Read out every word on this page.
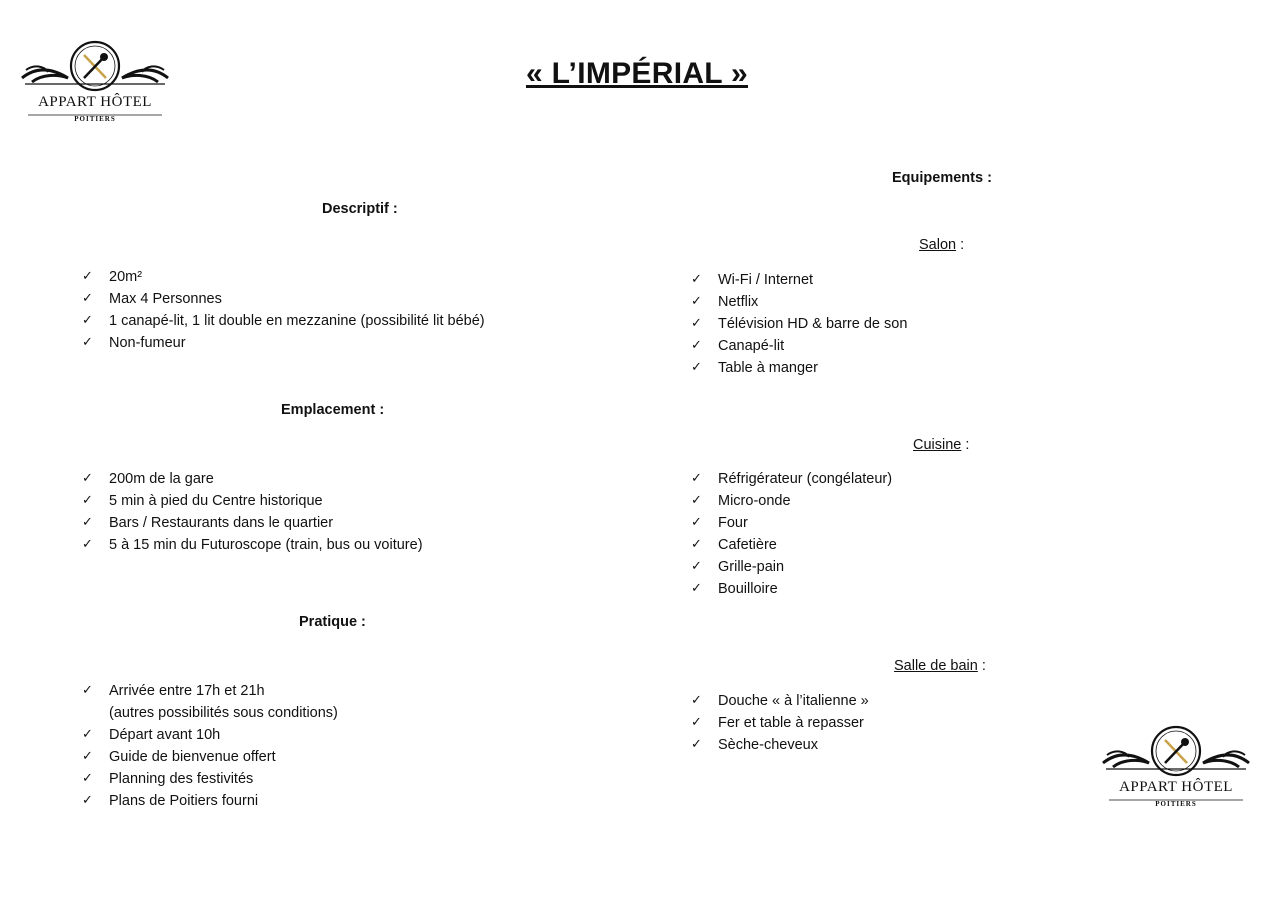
APPART HÔTEL
POITIERS
APPART HÔTEL
POITIERS
« L’IMPÉRIAL »
Descriptif :
✓	20m²
✓	Max 4 Personnes
✓	1 canapé-lit, 1 lit double en mezzanine (possibilité lit bébé)
✓	Non-fumeur
Emplacement :
✓	200m de la gare
✓	5 min à pied du Centre historique
✓	Bars / Restaurants dans le quartier
✓	5 à 15 min du Futuroscope (train, bus ou voiture)
Pratique :
✓	Arrivée entre 17h et 21h
(autres possibilités sous conditions)
✓	Départ avant 10h
✓	Guide de bienvenue offert
✓	Planning des festivités
✓	Plans de Poitiers fourni
Equipements :

Salon :

✓	Wi-Fi / Internet
✓	Netflix
✓	Télévision HD & barre de son
✓	Canapé-lit
✓	Table à manger

Cuisine :

✓	Réfrigérateur (congélateur)
✓	Micro-onde
✓	Four
✓	Cafetière
✓	Grille-pain
✓	Bouilloire

Salle de bain :

✓	Douche « à l’italienne »
✓	Fer et table à repasser
✓	Sèche-cheveux
